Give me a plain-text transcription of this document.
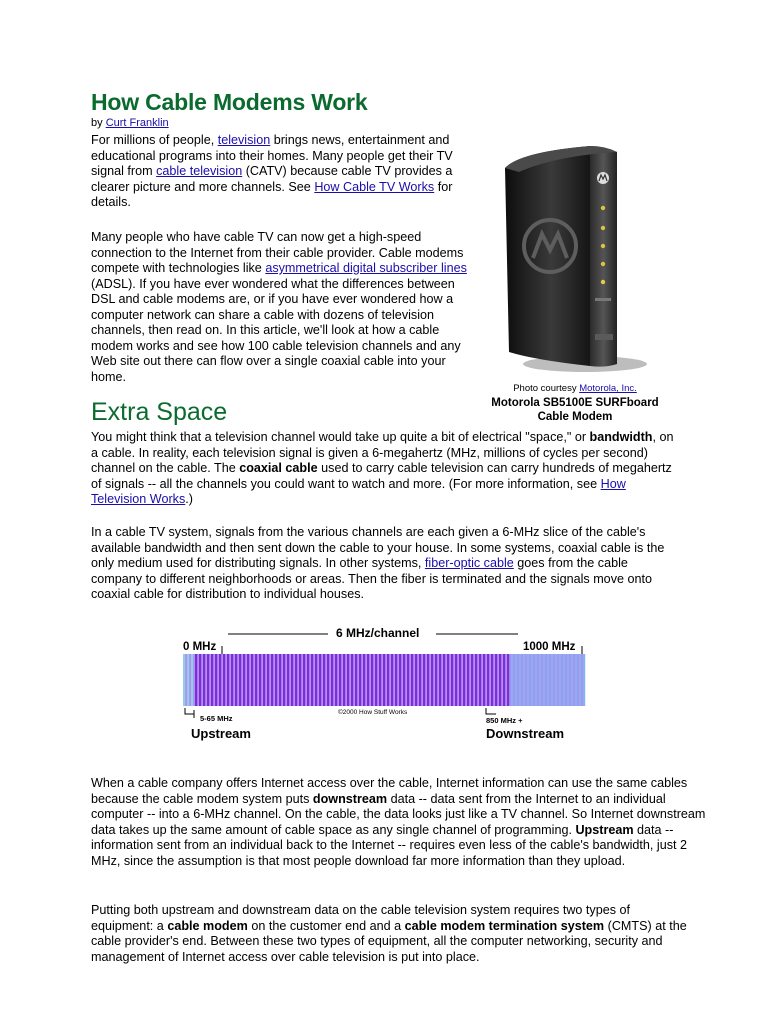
How Cable Modems Work
by Curt Franklin

For millions of people, television brings news, entertainment and educational programs into their homes. Many people get their TV signal from cable television (CATV) because cable TV provides a clearer picture and more channels. See How Cable TV Works for details.

Many people who have cable TV can now get a high-speed connection to the Internet from their cable provider. Cable modems compete with technologies like asymmetrical digital subscriber lines (ADSL). If you have ever wondered what the differences between DSL and cable modems are, or if you have ever wondered how a computer network can share a cable with dozens of television channels, then read on. In this article, we'll look at how a cable modem works and see how 100 cable television channels and any Web site out there can flow over a single coaxial cable into your home.

Photo courtesy Motorola, Inc.
Motorola SB5100E SURFboard Cable Modem
Extra Space

You might think that a television channel would take up quite a bit of electrical "space," or bandwidth, on a cable. In reality, each television signal is given a 6-megahertz (MHz, millions of cycles per second) channel on the cable. The coaxial cable used to carry cable television can carry hundreds of megahertz of signals -- all the channels you could want to watch and more. (For more information, see How Television Works.)

In a cable TV system, signals from the various channels are each given a 6-MHz slice of the cable's available bandwidth and then sent down the cable to your house. In some systems, coaxial cable is the only medium used for distributing signals. In other systems, fiber-optic cable goes from the cable company to different neighborhoods or areas. Then the fiber is terminated and the signals move onto coaxial cable for distribution to individual houses.

0 MHz
6 MHz/channel
1000 MHz
5-65 MHz
Upstream
850 MHz +
Downstream
©2000 How Stuff Works

When a cable company offers Internet access over the cable, Internet information can use the same cables because the cable modem system puts downstream data -- data sent from the Internet to an individual computer -- into a 6-MHz channel. On the cable, the data looks just like a TV channel. So Internet downstream data takes up the same amount of cable space as any single channel of programming. Upstream data -- information sent from an individual back to the Internet -- requires even less of the cable's bandwidth, just 2 MHz, since the assumption is that most people download far more information than they upload.

Putting both upstream and downstream data on the cable television system requires two types of equipment: a cable modem on the customer end and a cable modem termination system (CMTS) at the cable provider's end. Between these two types of equipment, all the computer networking, security and management of Internet access over cable television is put into place.
